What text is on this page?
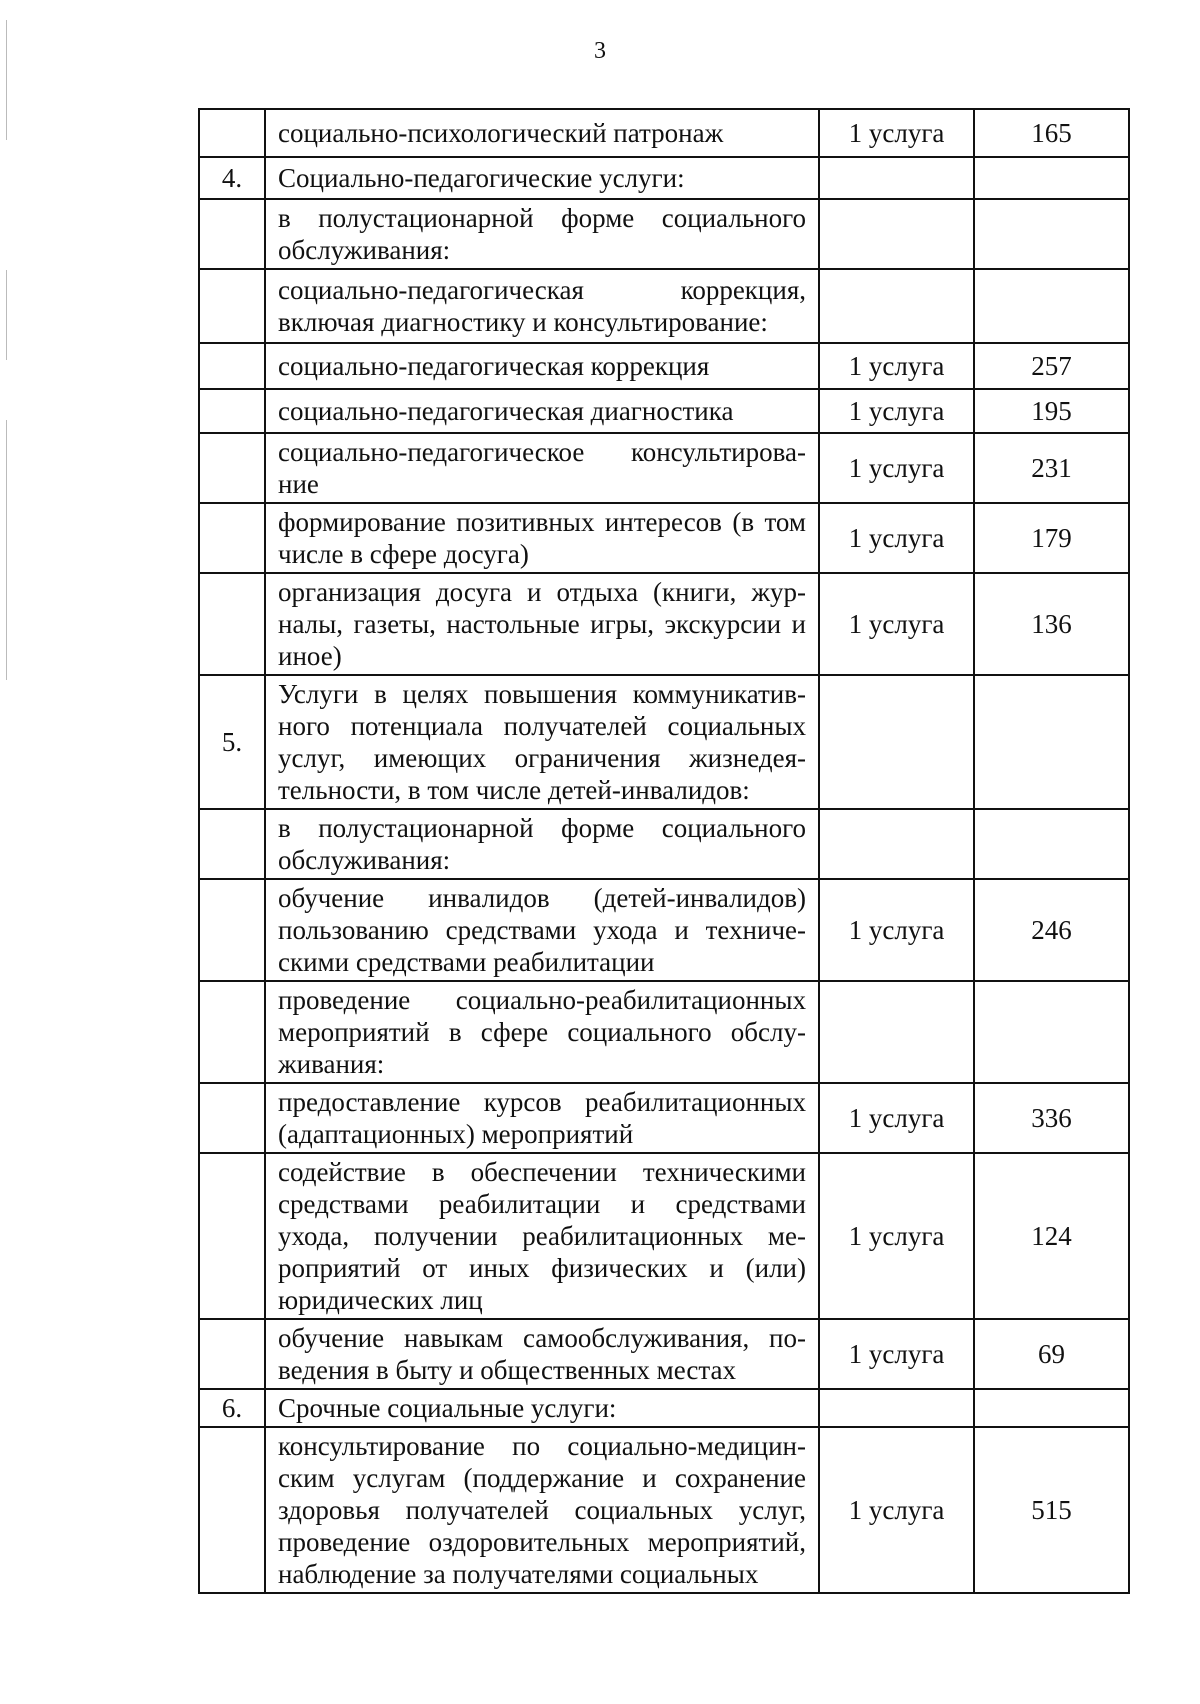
3
	социально-психологический патронаж	1 услуга	165
4.	Социально-педагогические услуги:		
	в полустационарной форме социального обслуживания:		
	социально-педагогическая коррекция, включая диагностику и консультирование:		
	социально-педагогическая коррекция	1 услуга	257
	социально-педагогическая диагностика	1 услуга	195
	социально-педагогическое консультирова-ние	1 услуга	231
	формирование позитивных интересов (в том числе в сфере досуга)	1 услуга	179
	организация досуга и отдыха (книги, жур-налы, газеты, настольные игры, экскурсии и иное)	1 услуга	136
5.	Услуги в целях повышения коммуникатив-ного потенциала получателей социальных услуг, имеющих ограничения жизнедея-тельности, в том числе детей-инвалидов:		
	в полустационарной форме социального обслуживания:		
	обучение инвалидов (детей-инвалидов) пользованию средствами ухода и техниче-скими средствами реабилитации	1 услуга	246
	проведение социально-реабилитационных мероприятий в сфере социального обслу-живания:		
	предоставление курсов реабилитационных (адаптационных) мероприятий	1 услуга	336
	содействие в обеспечении техническими средствами реабилитации и средствами ухода, получении реабилитационных ме-роприятий от иных физических и (или) юридических лиц	1 услуга	124
	обучение навыкам самообслуживания, по-ведения в быту и общественных местах	1 услуга	69
6.	Срочные социальные услуги:		
	консультирование по социально-медицин-ским услугам (поддержание и сохранение здоровья получателей социальных услуг, проведение оздоровительных мероприятий, наблюдение за получателями социальных	1 услуга	515
